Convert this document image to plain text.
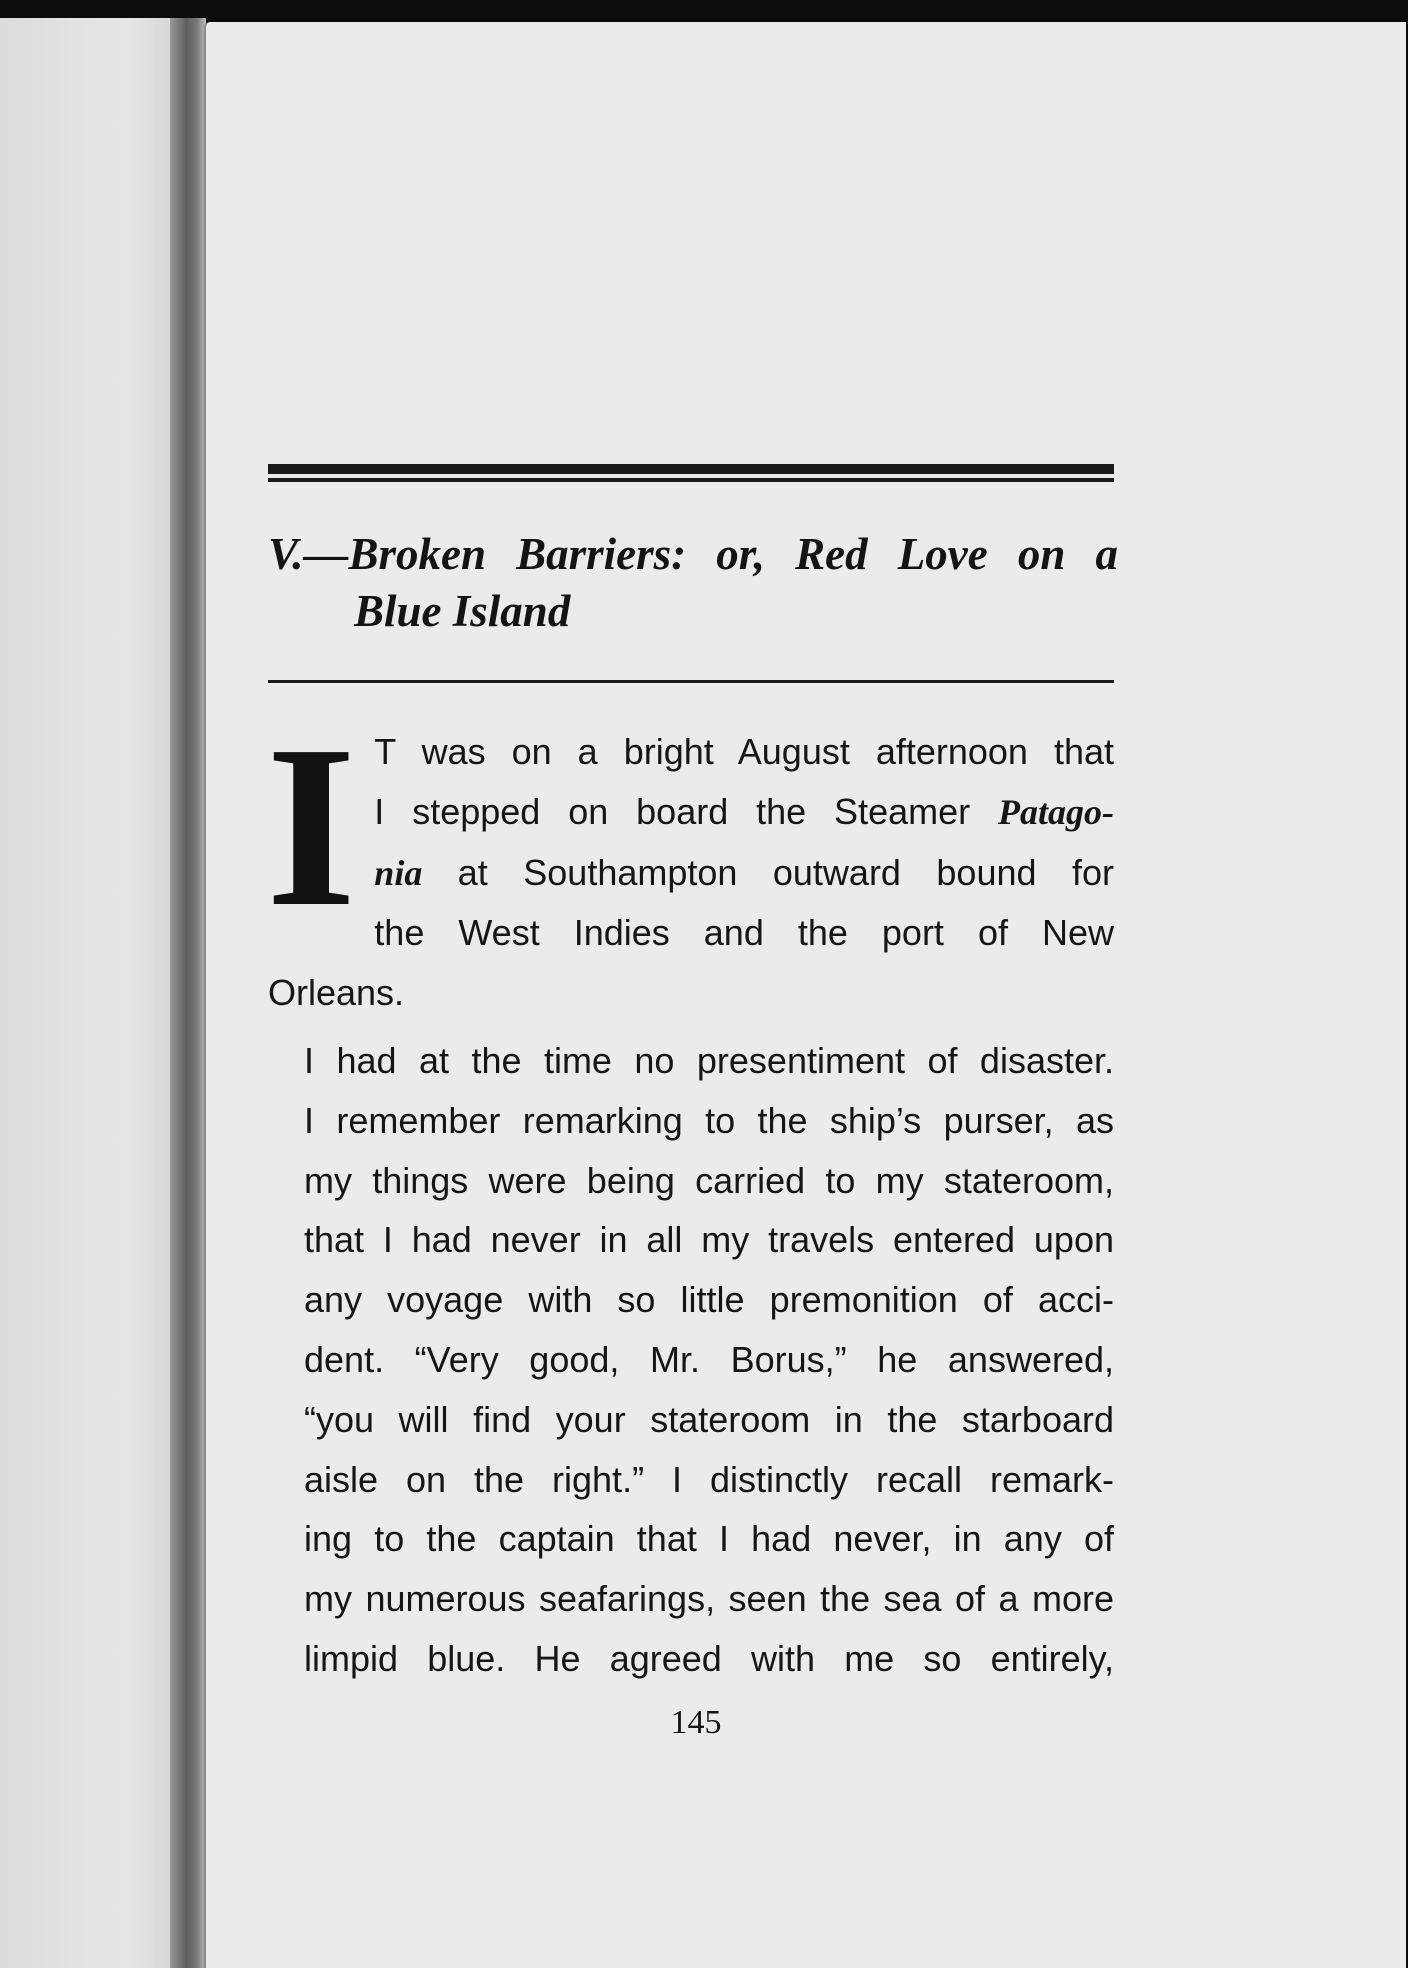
V.—Broken Barriers: or, Red Love on a
Blue Island
I T was on a bright August afternoon that
I stepped on board the Steamer Patago-
nia at Southampton outward bound for
the West Indies and the port of New
Orleans.
I had at the time no presentiment of disaster.
I remember remarking to the ship’s purser, as
my things were being carried to my stateroom,
that I had never in all my travels entered upon
any voyage with so little premonition of acci-
dent. “Very good, Mr. Borus,” he answered,
“you will find your stateroom in the starboard
aisle on the right.” I distinctly recall remark-
ing to the captain that I had never, in any of
my numerous seafarings, seen the sea of a more
limpid blue. He agreed with me so entirely,
145
